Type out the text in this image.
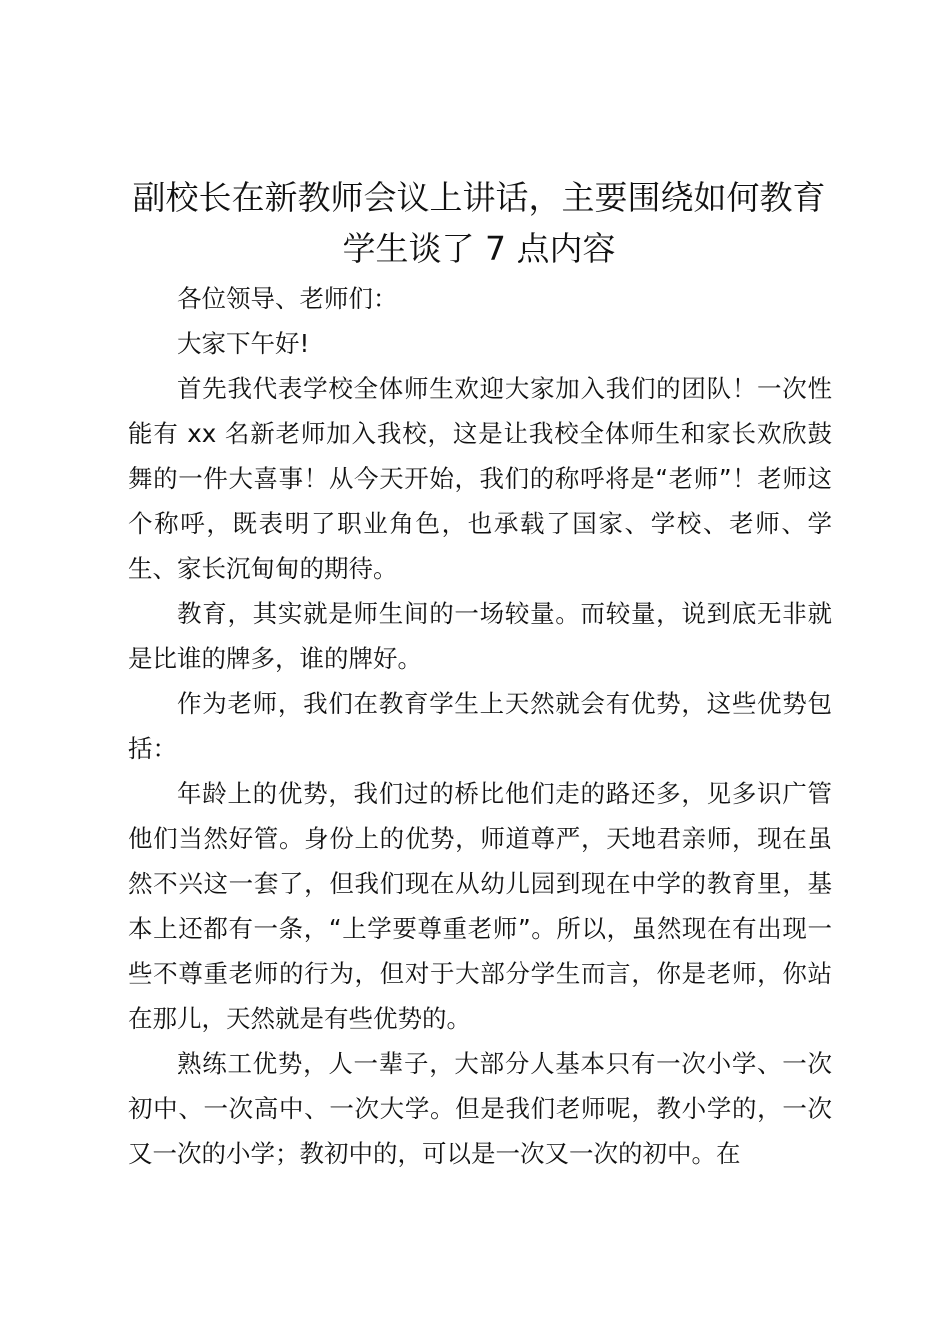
副校长在新教师会议上讲话，主要围绕如何教育学生谈了 7 点内容

各位领导、老师们：

大家下午好!

首先我代表学校全体师生欢迎大家加入我们的团队！一次性能有 xx 名新老师加入我校，这是让我校全体师生和家长欢欣鼓舞的一件大喜事！从今天开始，我们的称呼将是“老师”！老师这个称呼，既表明了职业角色，也承载了国家、学校、老师、学生、家长沉甸甸的期待。

教育，其实就是师生间的一场较量。而较量，说到底无非就是比谁的牌多，谁的牌好。

作为老师，我们在教育学生上天然就会有优势，这些优势包括：

年龄上的优势，我们过的桥比他们走的路还多，见多识广管他们当然好管。身份上的优势，师道尊严，天地君亲师，现在虽然不兴这一套了，但我们现在从幼儿园到现在中学的教育里，基本上还都有一条，“上学要尊重老师”。所以，虽然现在有出现一些不尊重老师的行为，但对于大部分学生而言，你是老师，你站在那儿，天然就是有些优势的。

熟练工优势，人一辈子，大部分人基本只有一次小学、一次初中、一次高中、一次大学。但是我们老师呢，教小学的，一次又一次的小学；教初中的，可以是一次又一次的初中。在
